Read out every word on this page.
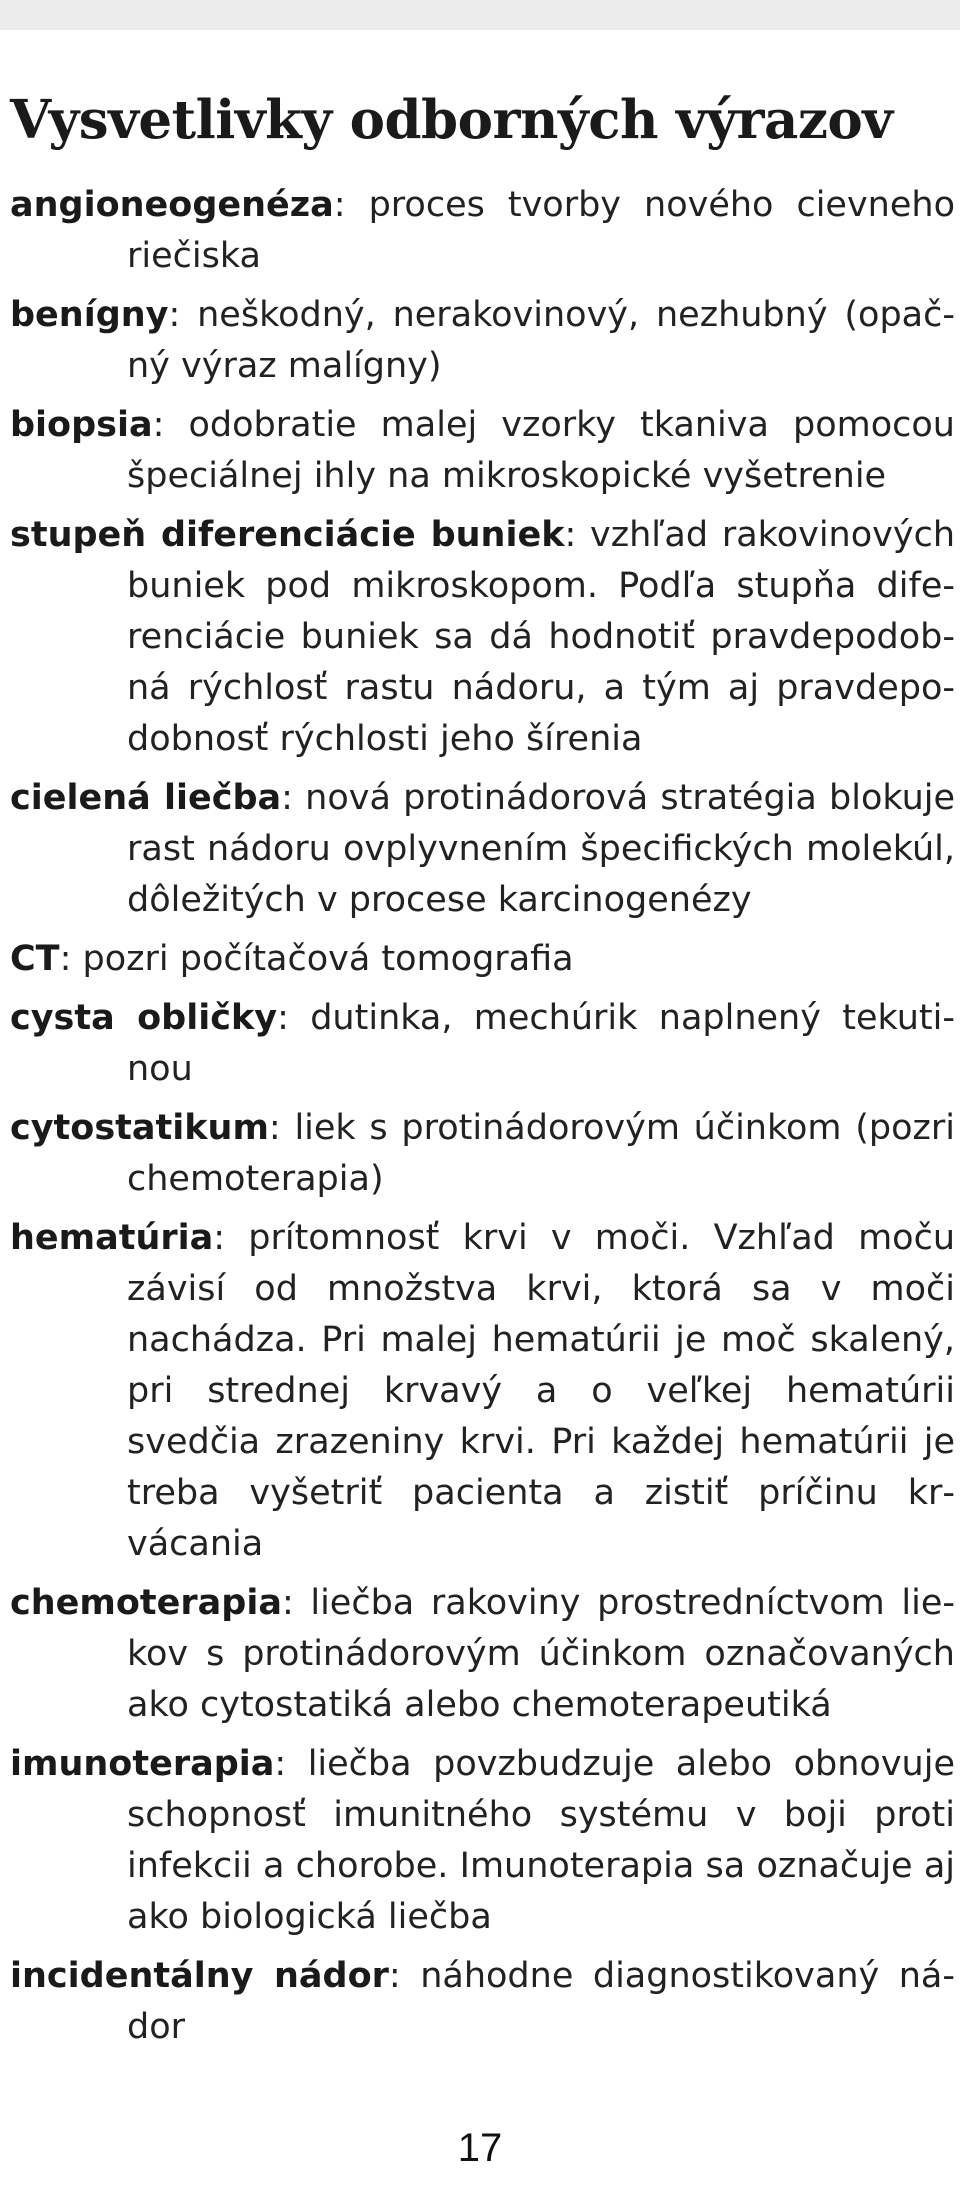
Vysvetlivky odborných výrazov

angioneogenéza: proces tvorby nového cievneho riečiska

benígny: neškodný, nerakovinový, nezhubný (opačný výraz malígny)

biopsia: odobratie malej vzorky tkaniva pomocou špeciálnej ihly na mikroskopické vyšetrenie

stupeň diferenciácie buniek: vzhľad rakovinových buniek pod mikroskopom. Podľa stupňa diferenciácie buniek sa dá hodnotiť pravdepodobná rýchlosť rastu nádoru, a tým aj pravdepodobnosť rýchlosti jeho šírenia

cielená liečba: nová protinádorová stratégia blokuje rast nádoru ovplyvnením špecifických molekúl, dôležitých v procese karcinogenézy

CT: pozri počítačová tomografia

cysta obličky: dutinka, mechúrik naplnený tekutinou

cytostatikum: liek s protinádorovým účinkom (pozri chemoterapia)

hematúria: prítomnosť krvi v moči. Vzhľad moču závisí od množstva krvi, ktorá sa v moči nachádza. Pri malej hematúrii je moč skalený, pri strednej krvavý a o veľkej hematúrii svedčia zrazeniny krvi. Pri každej hematúrii je treba vyšetriť pacienta a zistiť príčinu krvácania

chemoterapia: liečba rakoviny prostredníctvom liekov s protinádorovým účinkom označovaných ako cytostatiká alebo chemoterapeutiká

imunoterapia: liečba povzbudzuje alebo obnovuje schopnosť imunitného systému v boji proti infekcii a chorobe. Imunoterapia sa označuje aj ako biologická liečba

incidentálny nádor: náhodne diagnostikovaný nádor

17
